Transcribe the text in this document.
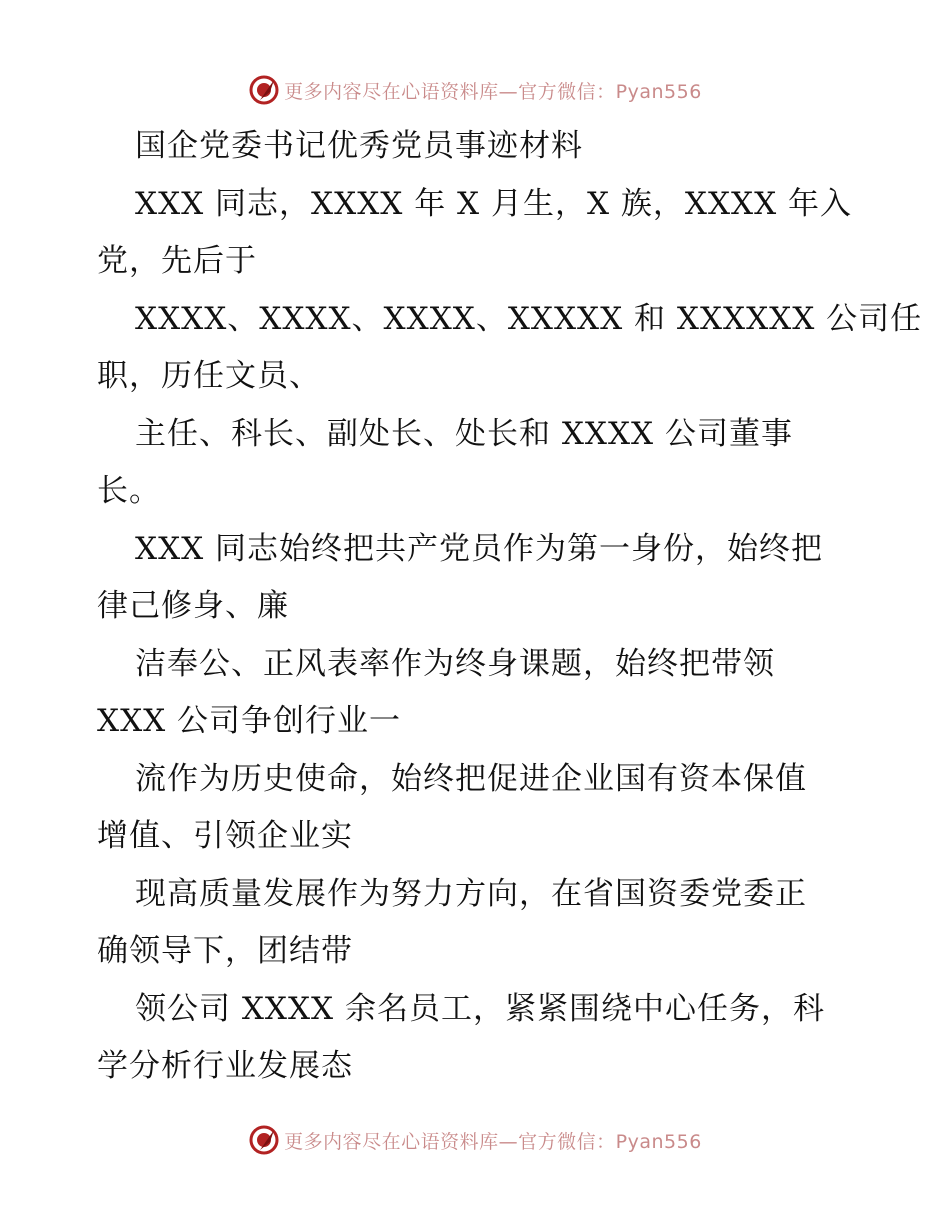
更多内容尽在心语资料库—官方微信：Pyan556
国企党委书记优秀党员事迹材料
XXX 同志，XXXX 年 X 月生，X 族，XXXX 年入
党，先后于
XXXX、XXXX、XXXX、XXXXX 和 XXXXXX 公司任
职，历任文员、
主任、科长、副处长、处长和 XXXX 公司董事
长。
XXX 同志始终把共产党员作为第一身份，始终把
律己修身、廉
洁奉公、正风表率作为终身课题，始终把带领
XXX 公司争创行业一
流作为历史使命，始终把促进企业国有资本保值
增值、引领企业实
现高质量发展作为努力方向，在省国资委党委正
确领导下，团结带
领公司 XXXX 余名员工，紧紧围绕中心任务，科
学分析行业发展态
更多内容尽在心语资料库—官方微信：Pyan556
